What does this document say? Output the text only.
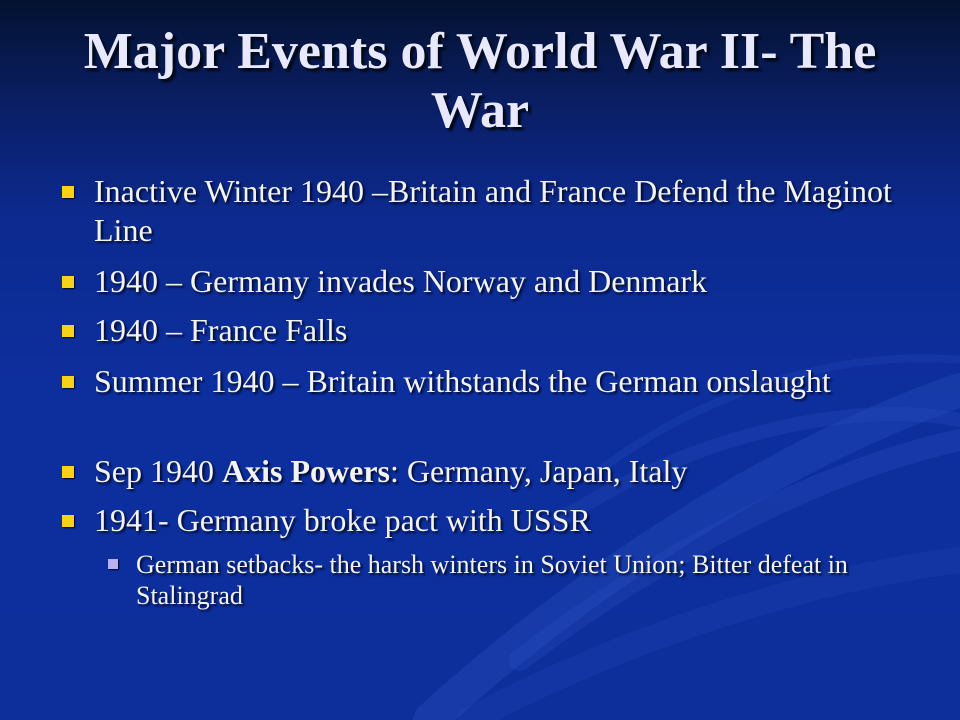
Major Events of World War II- The War
Inactive Winter 1940 –Britain and France Defend the Maginot Line
1940 – Germany invades Norway and Denmark
1940 – France Falls
Summer 1940 – Britain withstands the German onslaught
Sep 1940 Axis Powers: Germany, Japan, Italy
1941- Germany broke pact with USSR
German setbacks- the harsh winters in Soviet Union; Bitter defeat in Stalingrad
